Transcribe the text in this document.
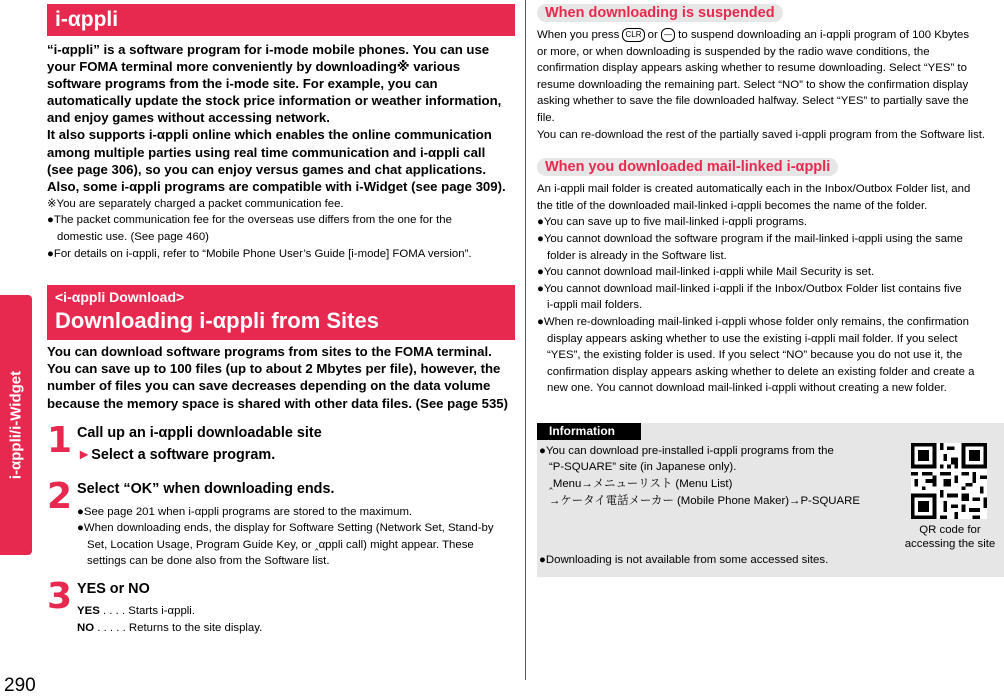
i-αppli/i-Widget
290
i-αppli

“i-αppli” is a software program for i-mode mobile phones. You can use

your FOMA terminal more conveniently by downloading※ various

software programs from the i-mode site. For example, you can

automatically update the stock price information or weather information,

and enjoy games without accessing network.

It also supports i-αppli online which enables the online communication

among multiple parties using real time communication and i-αppli call

(see page 306), so you can enjoy versus games and chat applications.

Also, some i-αppli programs are compatible with i-Widget (see page 309).

※You are separately charged a packet communication fee.

●The packet communication fee for the overseas use differs from the one for the

domestic use. (See page 460)

●For details on i-αppli, refer to “Mobile Phone User’s Guide [i-mode] FOMA version”.

<i-αppli Download>
Downloading i-αppli from Sites

You can download software programs from sites to the FOMA terminal.

You can save up to 100 files (up to about 2 Mbytes per file), however, the

number of files you can save decreases depending on the data volume

because the memory space is shared with other data files. (See page 535)

1 Call up an i-αppli downloadable site
►Select a software program.
2 Select “OK” when downloading ends.

●See page 201 when i-αppli programs are stored to the maximum.

●When downloading ends, the display for Software Setting (Network Set, Stand-by

Set, Location Usage, Program Guide Key, or ‸αppli call) might appear. These

settings can be done also from the Software list.

3 YES or NO

YES . . . . Starts i-αppli.

NO . . . . . Returns to the site display.

When downloading is suspended

When you press CLR or — to suspend downloading an i-αppli program of 100 Kbytes

or more, or when downloading is suspended by the radio wave conditions, the

confirmation display appears asking whether to resume downloading. Select “YES” to

resume downloading the remaining part. Select “NO” to show the confirmation display

asking whether to save the file downloaded halfway. Select “YES” to partially save the

file.

You can re-download the rest of the partially saved i-αppli program from the Software list.

When you downloaded mail-linked i-αppli

An i-αppli mail folder is created automatically each in the Inbox/Outbox Folder list, and

the title of the downloaded mail-linked i-αppli becomes the name of the folder.

●You can save up to five mail-linked i-αppli programs.

●You cannot download the software program if the mail-linked i-αppli using the same

folder is already in the Software list.

●You cannot download mail-linked i-αppli while Mail Security is set.

●You cannot download mail-linked i-αppli if the Inbox/Outbox Folder list contains five

i-αppli mail folders.

●When re-downloading mail-linked i-αppli whose folder only remains, the confirmation

display appears asking whether to use the existing i-αppli mail folder. If you select

“YES”, the existing folder is used. If you select “NO” because you do not use it, the

confirmation display appears asking whether to delete an existing folder and create a

new one. You cannot download mail-linked i-αppli without creating a new folder.

Information

●You can download pre-installed i-αppli programs from the

“P-SQUARE” site (in Japanese only).

‸Menu→メニューリスト (Menu List)

→ケータイ電話メーカー (Mobile Phone Maker)→P-SQUARE

QR code for
accessing the site

●Downloading is not available from some accessed sites.
